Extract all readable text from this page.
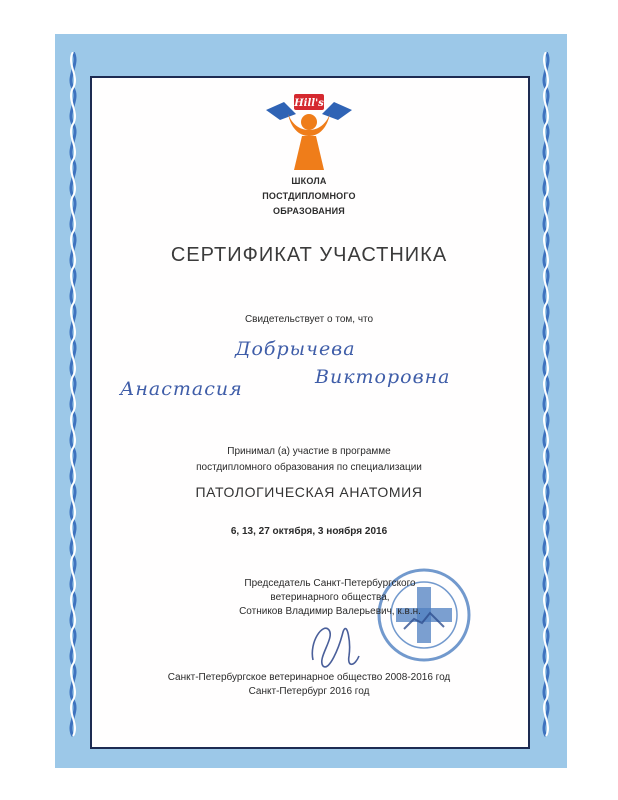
Hill's
ШКОЛА
ПОСТДИПЛОМНОГО
ОБРАЗОВАНИЯ
СЕРТИФИКАТ УЧАСТНИКА
Свидетельствует о том, что
Добрычева
Анастасия
Викторовна
Принимал (а) участие в программе
постдипломного образования по специализации
ПАТОЛОГИЧЕСКАЯ АНАТОМИЯ
6, 13, 27 октября, 3 ноября 2016
Председатель Санкт-Петербургского
ветеринарного общества,
Сотников Владимир Валерьевич, к.в.н.
Санкт-Петербургское ветеринарное общество 2008-2016 год
Санкт-Петербург 2016 год
